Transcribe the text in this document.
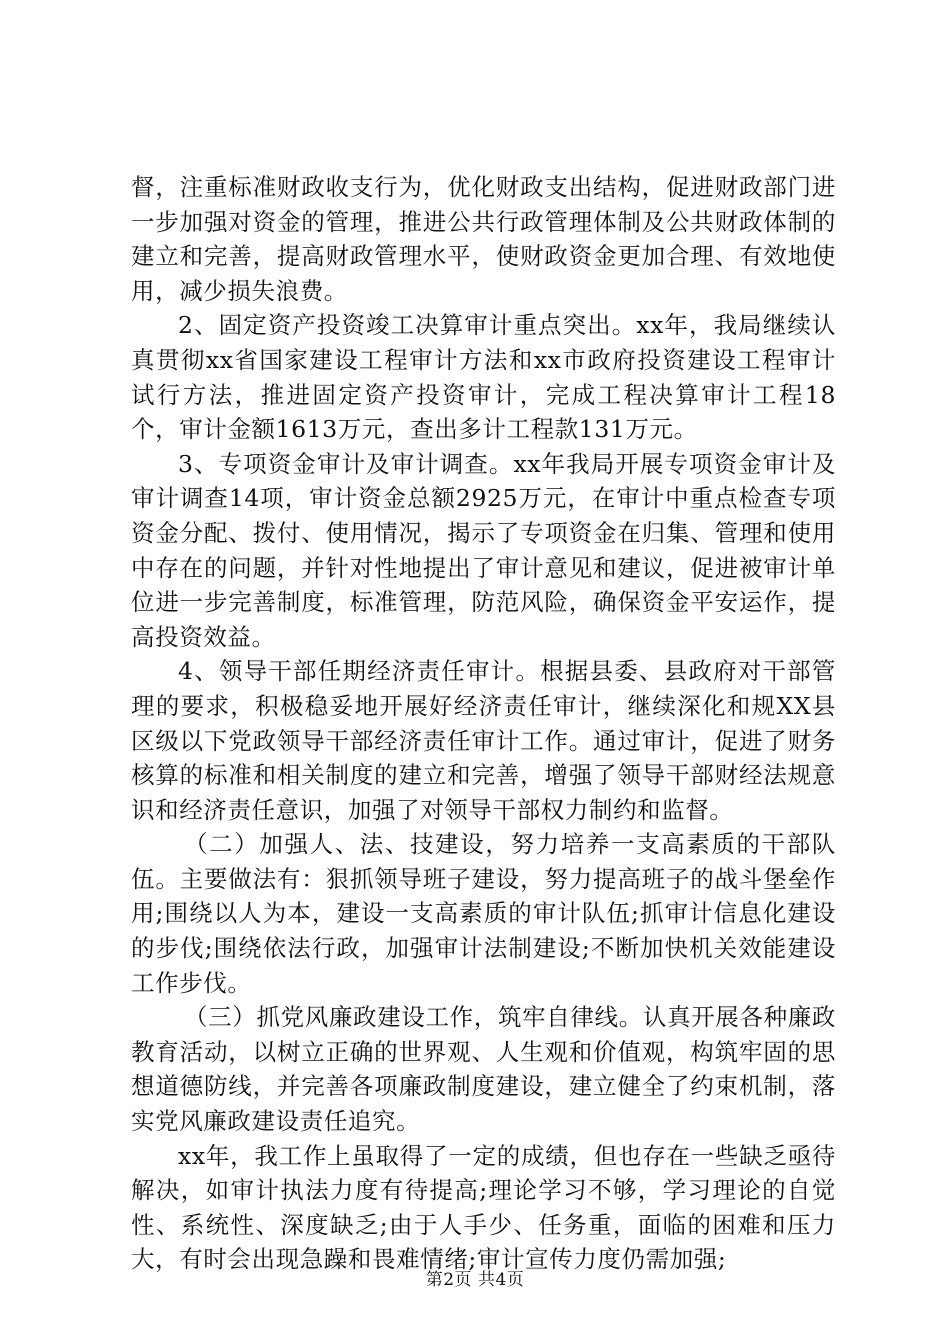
督，注重标准财政收支行为，优化财政支出结构，促进财政部门进一步加强对资金的管理，推进公共行政管理体制及公共财政体制的建立和完善，提高财政管理水平，使财政资金更加合理、有效地使用，减少损失浪费。

2、固定资产投资竣工决算审计重点突出。xx年，我局继续认真贯彻xx省国家建设工程审计方法和xx市政府投资建设工程审计试行方法，推进固定资产投资审计，完成工程决算审计工程18个，审计金额1613万元，查出多计工程款131万元。

3、专项资金审计及审计调查。xx年我局开展专项资金审计及审计调查14项，审计资金总额2925万元，在审计中重点检查专项资金分配、拨付、使用情况，揭示了专项资金在归集、管理和使用中存在的问题，并针对性地提出了审计意见和建议，促进被审计单位进一步完善制度，标准管理，防范风险，确保资金平安运作，提高投资效益。

4、领导干部任期经济责任审计。根据县委、县政府对干部管理的要求，积极稳妥地开展好经济责任审计，继续深化和规XX县区级以下党政领导干部经济责任审计工作。通过审计，促进了财务核算的标准和相关制度的建立和完善，增强了领导干部财经法规意识和经济责任意识，加强了对领导干部权力制约和监督。

（二）加强人、法、技建设，努力培养一支高素质的干部队伍。主要做法有：狠抓领导班子建设，努力提高班子的战斗堡垒作用;围绕以人为本，建设一支高素质的审计队伍;抓审计信息化建设的步伐;围绕依法行政，加强审计法制建设;不断加快机关效能建设工作步伐。

（三）抓党风廉政建设工作，筑牢自律线。认真开展各种廉政教育活动，以树立正确的世界观、人生观和价值观，构筑牢固的思想道德防线，并完善各项廉政制度建设，建立健全了约束机制，落实党风廉政建设责任追究。

xx年，我工作上虽取得了一定的成绩，但也存在一些缺乏亟待解决，如审计执法力度有待提高;理论学习不够，学习理论的自觉性、系统性、深度缺乏;由于人手少、任务重，面临的困难和压力大，有时会出现急躁和畏难情绪;审计宣传力度仍需加强;

第2页 共4页
